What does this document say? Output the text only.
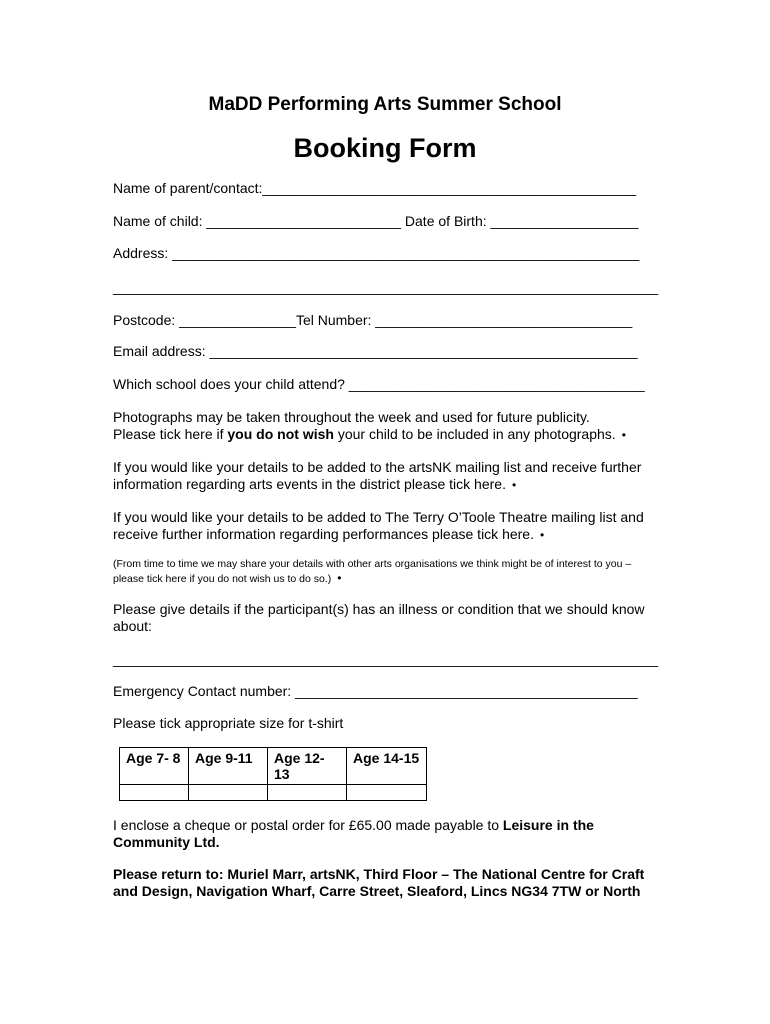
MaDD Performing Arts Summer School
Booking Form
Name of parent/contact:________________________________________________
Name of child: _________________________ Date of Birth: ___________________
Address: ____________________________________________________________
______________________________________________________________________
Postcode: _______________Tel Number: _________________________________
Email address: _______________________________________________________
Which school does your child attend? ______________________________________
Photographs may be taken throughout the week and used for future publicity.
Please tick here if you do not wish your child to be included in any photographs. •
If you would like your details to be added to the artsNK mailing list and receive further information regarding arts events in the district please tick here. •
If you would like your details to be added to The Terry O’Toole Theatre mailing list and receive further information regarding performances please tick here. •
(From time to time we may share your details with other arts organisations we think might be of interest to you – please tick here if you do not wish us to do so.) •
Please give details if the participant(s) has an illness or condition that we should know about:
______________________________________________________________________
Emergency Contact number: ____________________________________________
Please tick appropriate size for t-shirt
Age 7- 8	Age 9-11	Age 12-13	Age 14-15

I enclose a cheque or postal order for £65.00 made payable to Leisure in the Community Ltd.
Please return to: Muriel Marr, artsNK, Third Floor – The National Centre for Craft and Design, Navigation Wharf, Carre Street, Sleaford, Lincs NG34 7TW or North
